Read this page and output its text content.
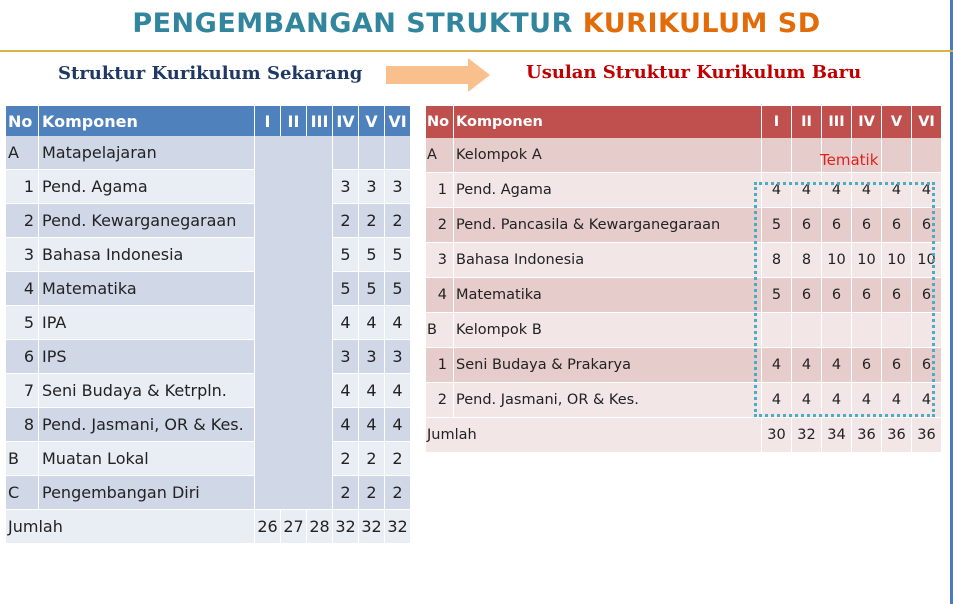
PENGEMBANGAN STRUKTUR KURIKULUM SD
Struktur Kurikulum Sekarang	Usulan Struktur Kurikulum Baru
No	Komponen	I	II	III	IV	V	VI
A	Matapelajaran						
1	Pend. Agama				3	3	3
2	Pend. Kewarganegaraan				2	2	2
3	Bahasa Indonesia				5	5	5
4	Matematika				5	5	5
5	IPA				4	4	4
6	IPS				3	3	3
7	Seni Budaya & Ketrpln.				4	4	4
8	Pend. Jasmani, OR & Kes.				4	4	4
B	Muatan Lokal				2	2	2
C	Pengembangan Diri				2	2	2
Jumlah		26	27	28	32	32	32
No	Komponen	I	II	III	IV	V	VI
A	Kelompok A						
1	Pend. Agama	4	4	4	4	4	4
2	Pend. Pancasila & Kewarganegaraan	5	6	6	6	6	6
3	Bahasa Indonesia	8	8	10	10	10	10
4	Matematika	5	6	6	6	6	6
B	Kelompok B						
1	Seni Budaya & Prakarya	4	4	4	6	6	6
2	Pend. Jasmani, OR & Kes.	4	4	4	4	4	4
Jumlah		30	32	34	36	36	36
Tematik
